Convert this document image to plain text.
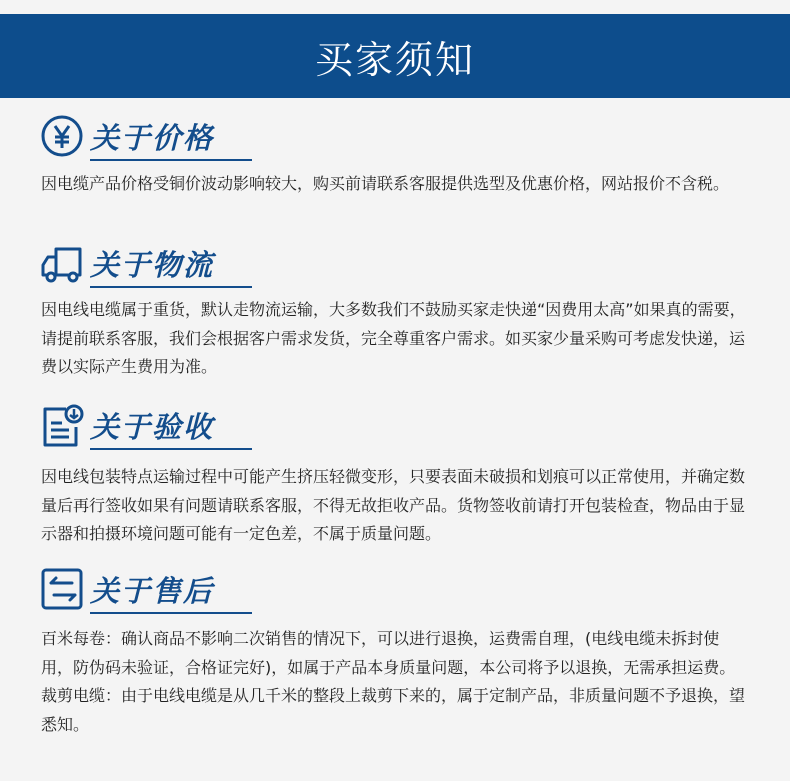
买家须知
关于价格

因电缆产品价格受铜价波动影响较大，购买前请联系客服提供选型及优惠价格，网站报价不含税。

关于物流

因电线电缆属于重货，默认走物流运输，大多数我们不鼓励买家走快递“因费用太高”如果真的需要，请提前联系客服，我们会根据客户需求发货，完全尊重客户需求。如买家少量采购可考虑发快递，运费以实际产生费用为准。

关于验收

因电线包装特点运输过程中可能产生挤压轻微变形，只要表面未破损和划痕可以正常使用，并确定数量后再行签收如果有问题请联系客服，不得无故拒收产品。货物签收前请打开包装检查，物品由于显示器和拍摄环境问题可能有一定色差，不属于质量问题。

关于售后

百米每卷：确认商品不影响二次销售的情况下，可以进行退换，运费需自理，(电线电缆未拆封使用，防伪码未验证，合格证完好)，如属于产品本身质量问题，本公司将予以退换，无需承担运费。

裁剪电缆：由于电线电缆是从几千米的整段上裁剪下来的，属于定制产品，非质量问题不予退换，望悉知。
